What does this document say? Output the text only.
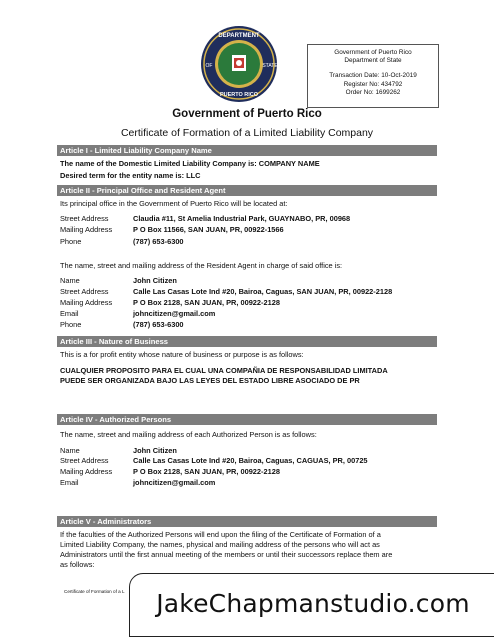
DEPARTMENT
OF	STATE
PUERTO RICO
Government of Puerto Rico
Department of State
Transaction Date: 10-Oct-2019
Register No: 434792
Order No: 1699262
Government of Puerto Rico
Certificate of Formation of a Limited Liability Company
Article I - Limited Liability Company Name
The name of the Domestic Limited Liability Company is: COMPANY NAME
Desired term for the entity name is: LLC
Article II - Principal Office and Resident Agent
Its principal office in the Government of Puerto Rico will be located at:
Street Address	Claudia #11, St Amelia Industrial Park, GUAYNABO, PR, 00968
Mailing Address	P O Box 11566, SAN JUAN, PR, 00922-1566
Phone	(787) 653-6300
The name, street and mailing address of the Resident Agent in charge of said office is:
Name	John Citizen
Street Address	Calle Las Casas Lote Ind #20, Bairoa, Caguas, SAN JUAN, PR, 00922-2128
Mailing Address	P O Box 2128, SAN JUAN, PR, 00922-2128
Email	johncitizen@gmail.com
Phone	(787) 653-6300
Article III - Nature of Business
This is a for profit entity whose nature of business or purpose is as follows:
CUALQUIER PROPOSITO PARA EL CUAL UNA COMPAÑIA DE RESPONSABILIDAD LIMITADA
PUEDE SER ORGANIZADA BAJO LAS LEYES DEL ESTADO LIBRE ASOCIADO DE PR
Article IV - Authorized Persons
The name, street and mailing address of each Authorized Person is as follows:
Name	John Citizen
Street Address	Calle Las Casas Lote Ind #20, Bairoa, Caguas, CAGUAS, PR, 00725
Mailing Address	P O Box 2128, SAN JUAN, PR, 00922-2128
Email	johncitizen@gmail.com
Article V - Administrators
If the faculties of the Authorized Persons will end upon the filing of the Certificate of Formation of a
Limited Liability Company, the names, physical and mailing address of the persons who will act as
Administrators until the first annual meeting of the members or until their successors replace them are
as follows:
Certificate of Formation of a L	JakeChapmanstudio.com
